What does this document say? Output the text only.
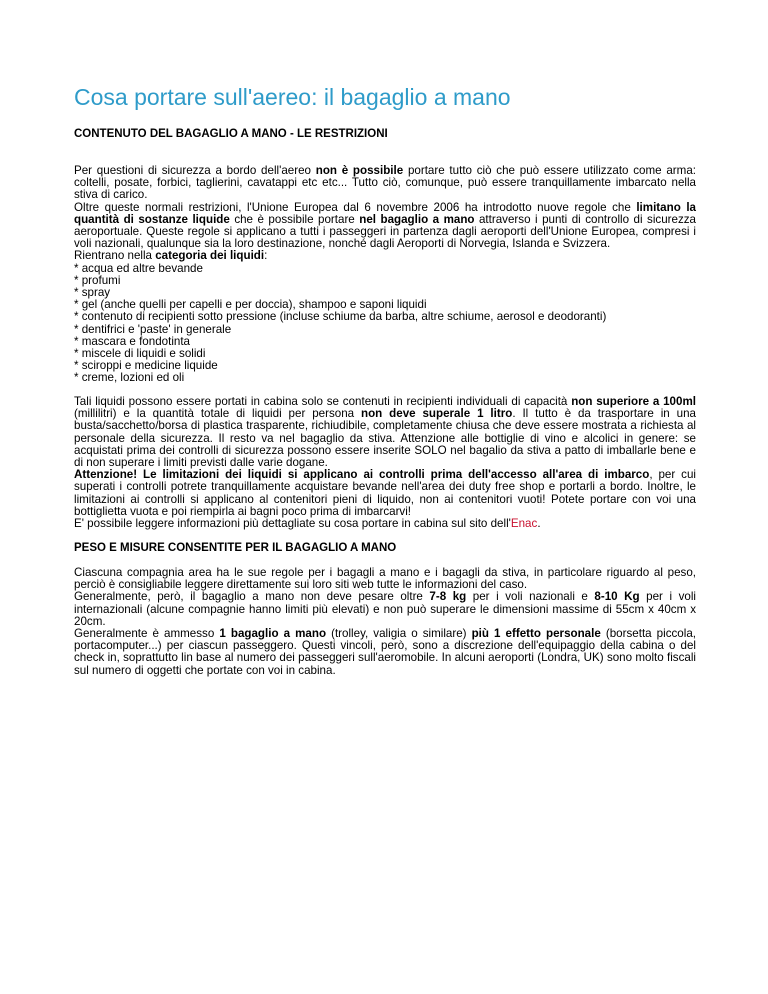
Cosa portare sull'aereo: il bagaglio a mano
CONTENUTO DEL BAGAGLIO A MANO - LE RESTRIZIONI

Per questioni di sicurezza a bordo dell'aereo non è possibile portare tutto ciò che può essere utilizzato come arma: coltelli, posate, forbici, taglierini, cavatappi etc etc... Tutto ciò, comunque, può essere tranquillamente imbarcato nella stiva di carico.

Oltre queste normali restrizioni, l'Unione Europea dal 6 novembre 2006 ha introdotto nuove regole che limitano la quantità di sostanze liquide che è possibile portare nel bagaglio a mano attraverso i punti di controllo di sicurezza aeroportuale. Queste regole si applicano a tutti i passeggeri in partenza dagli aeroporti dell'Unione Europea, compresi i voli nazionali, qualunque sia la loro destinazione, nonché dagli Aeroporti di Norvegia, Islanda e Svizzera.

Rientrano nella categoria dei liquidi:

* acqua ed altre bevande
* profumi
* spray
* gel (anche quelli per capelli e per doccia), shampoo e saponi liquidi
* contenuto di recipienti sotto pressione (incluse schiume da barba, altre schiume, aerosol e deodoranti)
* dentifrici e 'paste' in generale
* mascara e fondotinta
* miscele di liquidi e solidi
* sciroppi e medicine liquide
* creme, lozioni ed oli

Tali liquidi possono essere portati in cabina solo se contenuti in recipienti individuali di capacità non superiore a 100ml (millilitri) e la quantità totale di liquidi per persona non deve superale 1 litro. Il tutto è da trasportare in una busta/sacchetto/borsa di plastica trasparente, richiudibile, completamente chiusa che deve essere mostrata a richiesta al personale della sicurezza. Il resto va nel bagaglio da stiva. Attenzione alle bottiglie di vino e alcolici in genere: se acquistati prima dei controlli di sicurezza possono essere inserite SOLO nel bagalio da stiva a patto di imballarle bene e di non superare i limiti previsti dalle varie dogane.

Attenzione! Le limitazioni dei liquidi si applicano ai controlli prima dell'accesso all'area di imbarco, per cui superati i controlli potrete tranquillamente acquistare bevande nell'area dei duty free shop e portarli a bordo. Inoltre, le limitazioni ai controlli si applicano al contenitori pieni di liquido, non ai contenitori vuoti! Potete portare con voi una bottiglietta vuota e poi riempirla ai bagni poco prima di imbarcarvi!

E' possibile leggere informazioni più dettagliate su cosa portare in cabina sul sito dell'Enac.

PESO E MISURE CONSENTITE PER IL BAGAGLIO A MANO

Ciascuna compagnia area ha le sue regole per i bagagli a mano e i bagagli da stiva, in particolare riguardo al peso, perciò è consigliabile leggere direttamente sui loro siti web tutte le informazioni del caso.

Generalmente, però, il bagaglio a mano non deve pesare oltre 7-8 kg per i voli nazionali e 8-10 Kg per i voli internazionali (alcune compagnie hanno limiti più elevati) e non può superare le dimensioni massime di 55cm x 40cm x 20cm.

Generalmente è ammesso 1 bagaglio a mano (trolley, valigia o similare) più 1 effetto personale (borsetta piccola, portacomputer...) per ciascun passeggero. Questi vincoli, però, sono a discrezione dell'equipaggio della cabina o del check in, soprattutto lin base al numero dei passeggeri sull'aeromobile. In alcuni aeroporti (Londra, UK) sono molto fiscali sul numero di oggetti che portate con voi in cabina.
